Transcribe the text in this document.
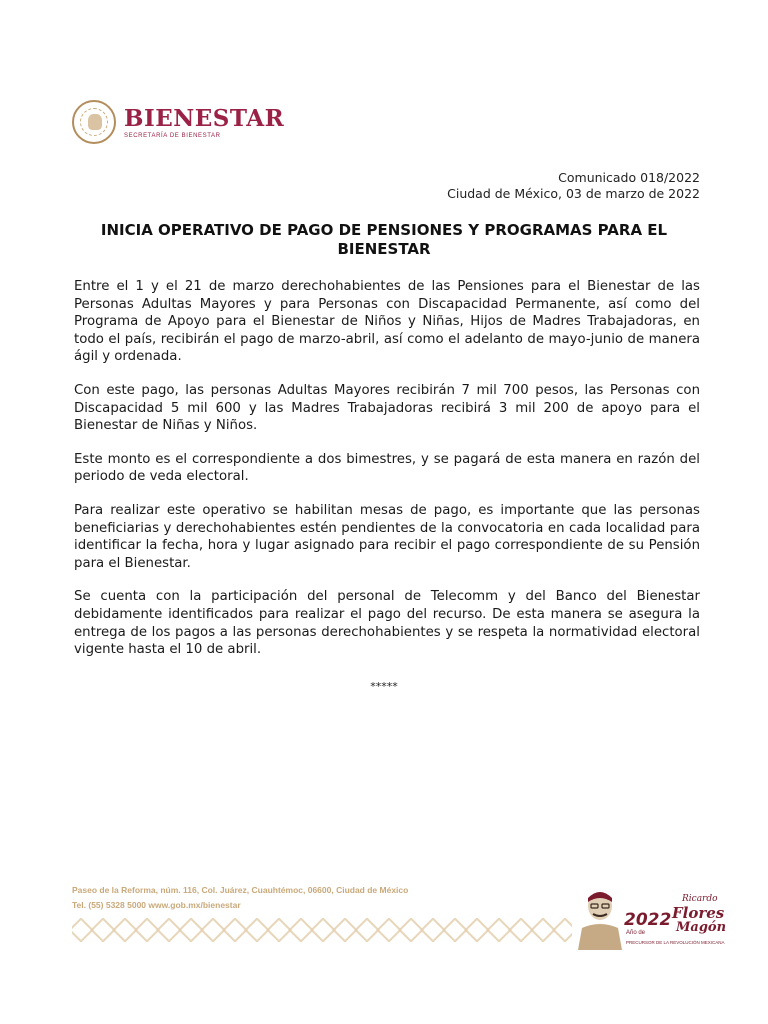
BIENESTAR
SECRETARÍA DE BIENESTAR
Comunicado 018/2022
Ciudad de México, 03 de marzo de 2022
INICIA OPERATIVO DE PAGO DE PENSIONES Y PROGRAMAS PARA EL BIENESTAR

Entre el 1 y el 21 de marzo derechohabientes de las Pensiones para el Bienestar de las Personas Adultas Mayores y para Personas con Discapacidad Permanente, así como del Programa de Apoyo para el Bienestar de Niños y Niñas, Hijos de Madres Trabajadoras, en todo el país, recibirán el pago de marzo-abril, así como el adelanto de mayo-junio de manera ágil y ordenada.

Con este pago, las personas Adultas Mayores recibirán 7 mil 700 pesos, las Personas con Discapacidad 5 mil 600 y las Madres Trabajadoras recibirá 3 mil 200 de apoyo para el Bienestar de Niñas y Niños.

Este monto es el correspondiente a dos bimestres, y se pagará de esta manera en razón del periodo de veda electoral.

Para realizar este operativo se habilitan mesas de pago, es importante que las personas beneficiarias y derechohabientes estén pendientes de la convocatoria en cada localidad para identificar la fecha, hora y lugar asignado para recibir el pago correspondiente de su Pensión para el Bienestar.

Se cuenta con la participación del personal de Telecomm y del Banco del Bienestar debidamente identificados para realizar el pago del recurso. De esta manera se asegura la entrega de los pagos a las personas derechohabientes y se respeta la normatividad electoral vigente hasta el 10 de abril.

*****
Paseo de la Reforma, núm. 116, Col. Juárez, Cuauhtémoc, 06600, Ciudad de México
Tel. (55) 5328 5000 www.gob.mx/bienestar
2022
Año de
Ricardo
Flores
Magón
PRECURSOR DE LA REVOLUCIÓN MEXICANA
